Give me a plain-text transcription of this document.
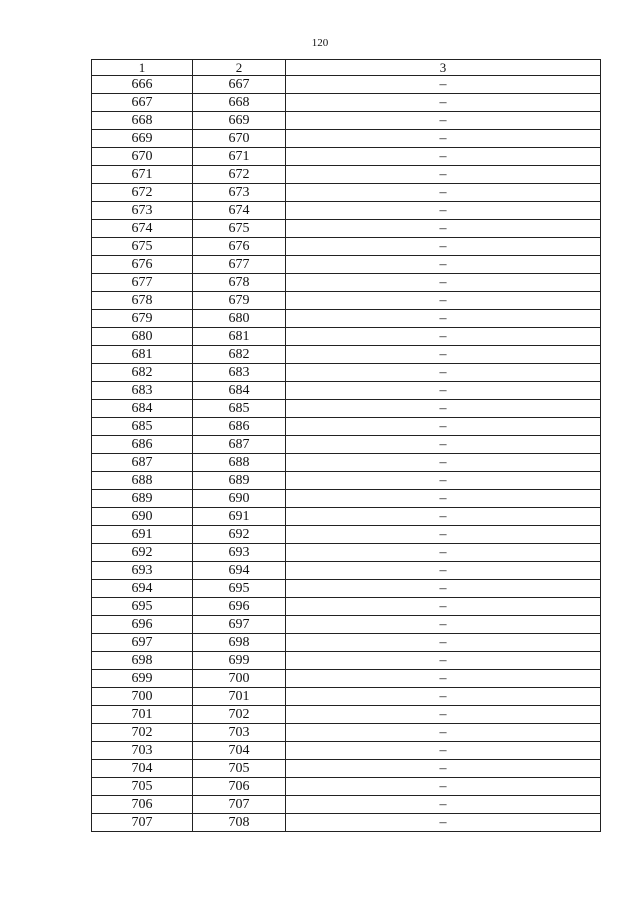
120
1	2	3
666	667	–
667	668	–
668	669	–
669	670	–
670	671	–
671	672	–
672	673	–
673	674	–
674	675	–
675	676	–
676	677	–
677	678	–
678	679	–
679	680	–
680	681	–
681	682	–
682	683	–
683	684	–
684	685	–
685	686	–
686	687	–
687	688	–
688	689	–
689	690	–
690	691	–
691	692	–
692	693	–
693	694	–
694	695	–
695	696	–
696	697	–
697	698	–
698	699	–
699	700	–
700	701	–
701	702	–
702	703	–
703	704	–
704	705	–
705	706	–
706	707	–
707	708	–
